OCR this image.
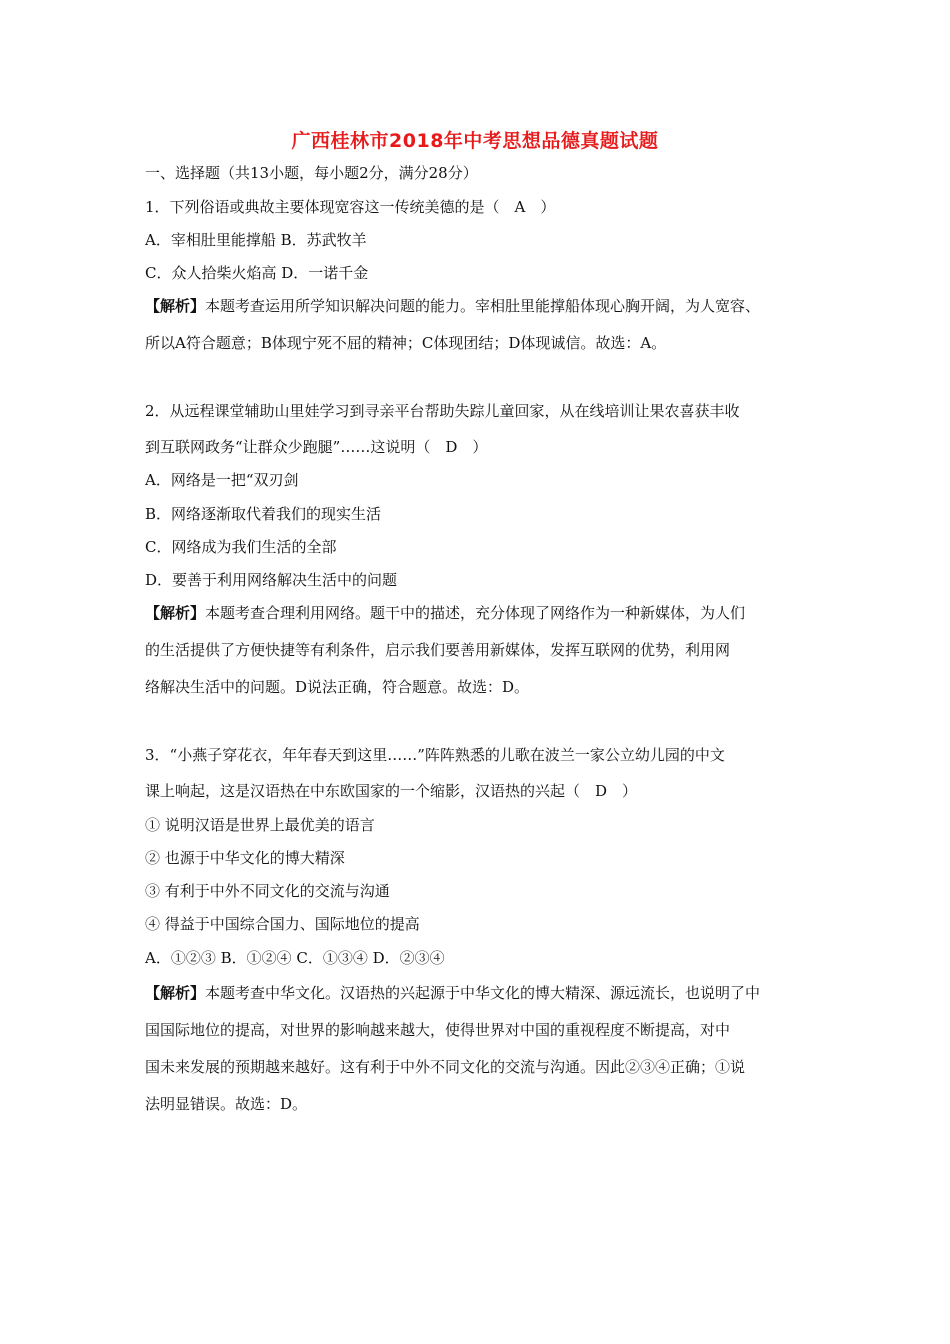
广西桂林市2018年中考思想品德真题试题
一、选择题（共13小题，每小题2分，满分28分）
1．下列俗语或典故主要体现宽容这一传统美德的是（　A　）
A．宰相肚里能撑船 B．苏武牧羊
C．众人拾柴火焰高 D．一诺千金
【解析】本题考查运用所学知识解决问题的能力。宰相肚里能撑船体现心胸开阔，为人宽容、
所以A符合题意；B体现宁死不屈的精神；C体现团结；D体现诚信。故选：A。
2．从远程课堂辅助山里娃学习到寻亲平台帮助失踪儿童回家，从在线培训让果农喜获丰收
到互联网政务“让群众少跑腿”……这说明（　D　）
A．网络是一把“双刃剑
B．网络逐渐取代着我们的现实生活
C．网络成为我们生活的全部
D．要善于利用网络解决生活中的问题
【解析】本题考查合理利用网络。题干中的描述，充分体现了网络作为一种新媒体，为人们
的生活提供了方便快捷等有利条件，启示我们要善用新媒体，发挥互联网的优势，利用网
络解决生活中的问题。D说法正确，符合题意。故选：D。
3．“小燕子穿花衣，年年春天到这里……”阵阵熟悉的儿歌在波兰一家公立幼儿园的中文
课上响起，这是汉语热在中东欧国家的一个缩影，汉语热的兴起（　D　）
① 说明汉语是世界上最优美的语言
② 也源于中华文化的博大精深
③ 有利于中外不同文化的交流与沟通
④ 得益于中国综合国力、国际地位的提高
A．①②③ B．①②④ C．①③④ D．②③④
【解析】本题考查中华文化。汉语热的兴起源于中华文化的博大精深、源远流长，也说明了中
国国际地位的提高，对世界的影响越来越大，使得世界对中国的重视程度不断提高，对中
国未来发展的预期越来越好。这有利于中外不同文化的交流与沟通。因此②③④正确；①说
法明显错误。故选：D。
